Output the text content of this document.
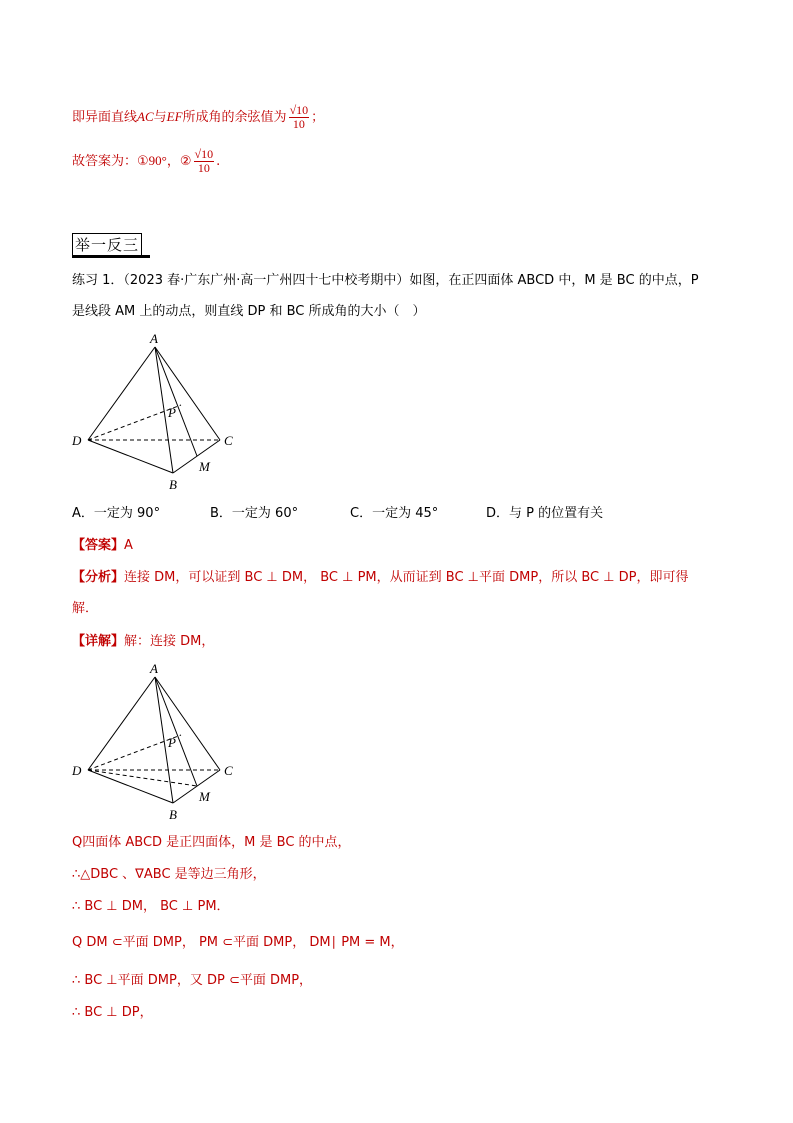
即异面直线AC与EF所成角的余弦值为 $\frac{√10}{10}$ ；
故答案为：①90°，② $\frac{√10}{10}$ .
举一反三
练习 1．（2023 春·广东广州·高一广州四十七中校考期中）如图，在正四面体 ABCD 中，M 是 BC 的中点，P
是线段 AM 上的动点，则直线 DP 和 BC 所成角的大小（　）
A
D	C
B
M
P
A．一定为 90°	B．一定为 60°	C．一定为 45°	D．与 P 的位置有关
【答案】A
【分析】连接 DM，可以证到 BC ⊥ DM， BC ⊥ PM，从而证到 BC ⊥平面 DMP，所以 BC ⊥ DP，即可得
解．
【详解】解：连接 DM，
A
D	C
B
M
P
Q四面体 ABCD 是正四面体，M 是 BC 的中点，
∴△DBC 、∇ABC 是等边三角形，
∴ BC ⊥ DM， BC ⊥ PM．
Q DM ⊂平面 DMP， PM ⊂平面 DMP， DM∣ PM = M，
∴ BC ⊥平面 DMP，又 DP ⊂平面 DMP，
∴ BC ⊥ DP，
